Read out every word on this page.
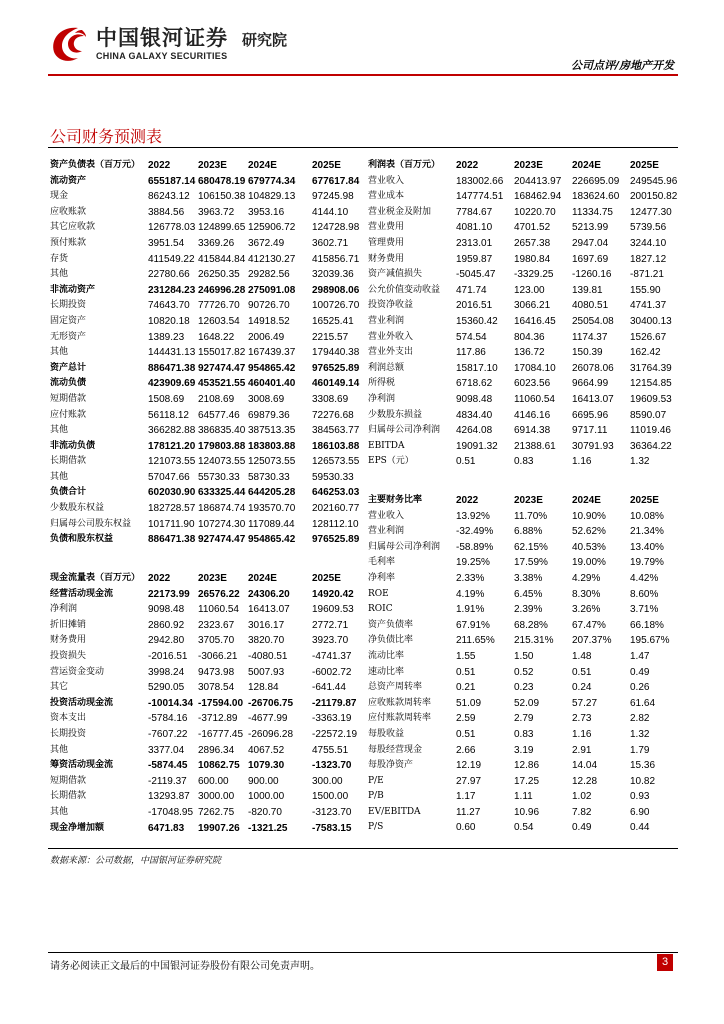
中国银河证券 研究院
CHINA GALAXY SECURITIES
公司点评/房地产开发
公司财务预测表
资产负债表（百万元） 2022	2023E 2024E	2025E
流动资产	655187.14 680478.19 679774.34 677617.84
现金	86243.12 106150.38 104829.13 97245.98
应收账款	3884.56 3963.72 3953.16	4144.10
其它应收款	126778.03 124899.65 125906.72 124728.98
预付账款	3951.54 3369.26 3672.49	3602.71
存货	411549.22 415844.84 412130.27 415856.71
其他	22780.66 26250.35 29282.56 32039.36
非流动资产	231284.23 246996.28 275091.08 298908.06
长期投资	74643.70 77726.70 90726.70 100726.70
固定资产	10820.18 12603.54 14918.52 16525.41
无形资产	1389.23 1648.22 2006.49	2215.57
其他	144431.13 155017.82 167439.37 179440.38
资产总计	886471.38 927474.47 954865.42 976525.89
流动负债	423909.69 453521.55 460401.40 460149.14
短期借款	1508.69 2108.69 3008.69	3308.69
应付账款	56118.12 64577.46 69879.36 72276.68
其他	366282.88 386835.40 387513.35 384563.77
非流动负债	178121.20 179803.88 183803.88 186103.88
长期借款	121073.55 124073.55 125073.55 126573.55
其他	57047.66 55730.33 58730.33 59530.33
负债合计	602030.90 633325.44 644205.28 646253.03
少数股东权益	182728.57 186874.74 193570.70 202160.77
归属母公司股东权益 101711.90 107274.30 117089.44 128112.10
负债和股东权益	886471.38 927474.47 954865.42 976525.89
利润表（百万元） 2022	2023E	2024E	2025E
营业收入	183002.66 204413.97 226695.09 249545.96
营业成本	147774.51 168462.94 183624.60 200150.82
营业税金及附加 7784.67 10220.70 11334.75 12477.30
营业费用	4081.10 4701.52 5213.99 5739.56
管理费用	2313.01 2657.38 2947.04 3244.10
财务费用	1959.87 1980.84 1697.69 1827.12
资产减值损失	-5045.47 -3329.25 -1260.16 -871.21
公允价值变动收益 471.74	123.00	139.81	155.90
投资净收益	2016.51 3066.21 4080.51 4741.37
营业利润	15360.42 16416.45 25054.08 30400.13
营业外收入	574.54	804.36	1174.37 1526.67
营业外支出	117.86	136.72	150.39	162.42
利润总额	15817.10 17084.10 26078.06 31764.39
所得税	6718.62 6023.56 9664.99 12154.85
净利润	9098.48 11060.54 16413.07 19609.53
少数股东损益	4834.40 4146.16 6695.96 8590.07
归属母公司净利润 4264.08 6914.38 9717.11 11019.46
EBITDA	19091.32 21388.61 30791.93 36364.22
EPS（元）	0.51	0.83	1.16	1.32
主要财务比率	2022	2023E	2024E	2025E
营业收入	13.92% 11.70% 10.90% 10.08%
营业利润	-32.49% 6.88%	52.62% 21.34%
归属母公司净利润 -58.89% 62.15% 40.53% 13.40%
毛利率	19.25% 17.59% 19.00% 19.79%
净利率	2.33%	3.38%	4.29%	4.42%
ROE	4.19%	6.45%	8.30%	8.60%
ROIC	1.91%	2.39%	3.26%	3.71%
资产负债率	67.91% 68.28% 67.47% 66.18%
净负债比率	211.65% 215.31% 207.37% 195.67%
流动比率	1.55	1.50	1.48	1.47
速动比率	0.51	0.52	0.51	0.49
总资产周转率	0.21	0.23	0.24	0.26
应收账款周转率 51.09	52.09	57.27	61.64
应付账款周转率 2.59	2.79	2.73	2.82
每股收益	0.51	0.83	1.16	1.32
每股经营现金	2.66	3.19	2.91	1.79
每股净资产	12.19	12.86	14.04	15.36
P/E	27.97	17.25	12.28	10.82
P/B	1.17	1.11	1.02	0.93
EV/EBITDA	11.27	10.96	7.82	6.90
P/S	0.60	0.54	0.49	0.44
现金流量表（百万元） 2022	2023E 2024E	2025E
经营活动现金流	22173.99 26576.22 24306.20 14920.42
净利润	9098.48 11060.54 16413.07 19609.53
折旧摊销	2860.92 2323.67 3016.17	2772.71
财务费用	2942.80 3705.70 3820.70	3923.70
投资损失	-2016.51 -3066.21 -4080.51 -4741.37
营运资金变动	3998.24 9473.98 5007.93	-6002.72
其它	5290.05 3078.54 128.84	-641.44
投资活动现金流	-10014.34 -17594.00 -26706.75 -21179.87
资本支出	-5784.16 -3712.89 -4677.99 -3363.19
长期投资	-7607.22 -16777.45 -26096.28 -22572.19
其他	3377.04 2896.34 4067.52	4755.51
筹资活动现金流	-5874.45 10862.75 1079.30	-1323.70
短期借款	-2119.37 600.00 900.00	300.00
长期借款	13293.87 3000.00 1000.00	1500.00
其他	-17048.95 7262.75 -820.70	-3123.70
现金净增加额	6471.83 19907.26 -1321.25 -7583.15
数据来源：公司数据，中国银河证券研究院
请务必阅读正文最后的中国银河证券股份有限公司免责声明。	3
